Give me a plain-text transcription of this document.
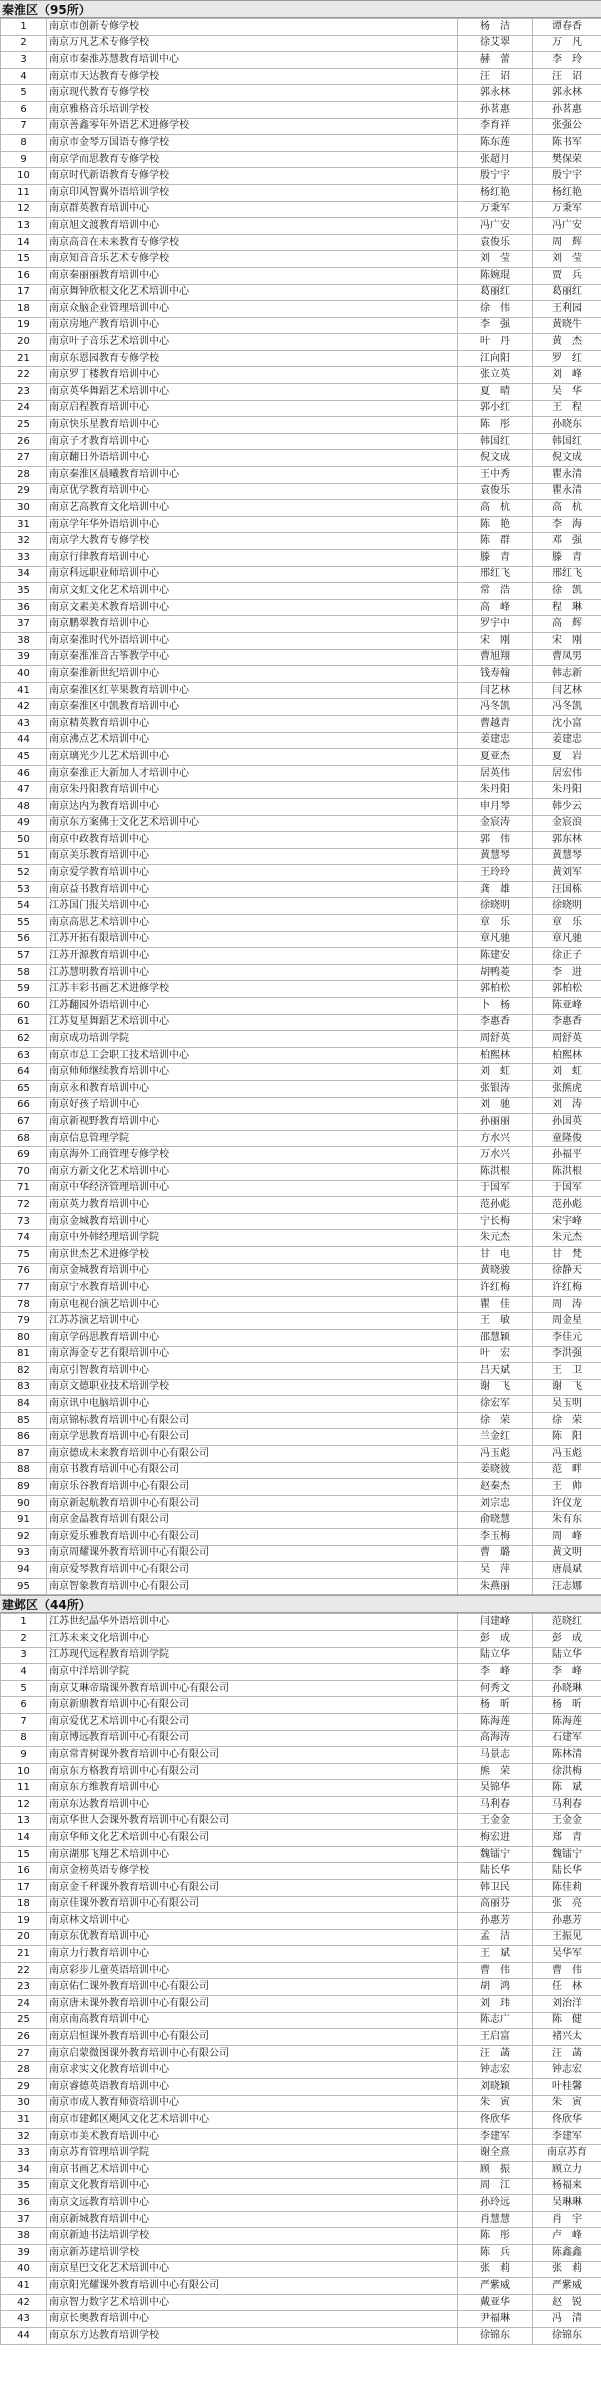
秦淮区（95所）
1	南京市创新专修学校	杨　洁	谭春香
2	南京万凡艺术专修学校	徐艾翠	万　凡
3	南京市秦淮苏慧教育培训中心	赫　蕾	李　玲
4	南京市天达教育专修学校	汪　诏	汪　诏
5	南京现代教育专修学校	郭永林	郭永林
6	南京雅格音乐培训学校	孙茗惠	孙茗惠
7	南京善鑫零年外语艺术进修学校	李育祥	张强公
8	南京市金琴万国语专修学校	陈东莲	陈书军
9	南京学而思教育专修学校	张超月	樊保荣
10	南京时代新语教育专修学校	殷宁宇	殷宁宇
11	南京印风智翼外语培训学校	杨红艳	杨红艳
12	南京群英教育培训中心	万秉军	万秉军
13	南京旭文渡教育培训中心	冯广安	冯广安
14	南京高音在未来教育专修学校	袁俊乐	周　辉
15	南京知音音乐艺术专修学校	刘　莹	刘　莹
16	南京秦丽丽教育培训中心	陈婉琨	贾　兵
17	南京舞钟欣根文化艺术培训中心	葛丽红	葛丽红
18	南京众脑企业管理培训中心	徐　伟	王利园
19	南京房地产教育培训中心	李　强	黄晓牛
20	南京叶子音乐艺术培训中心	叶　丹	黄　杰
21	南京东恩园教育专修学校	江向阳	罗　红
22	南京罗丁楼教育培训中心	张立英	刘　峰
23	南京英华舞蹈艺术培训中心	夏　晴	吴　华
24	南京启程教育培训中心	郭小红	王　程
25	南京快乐星教育培训中心	陈　彤	孙晓东
26	南京子才教育培训中心	韩国红	韩国红
27	南京翻日外语培训中心	倪文成	倪文成
28	南京秦淮区晨曦教育培训中心	王中秀	瞿永清
29	南京优学教育培训中心	袁俊乐	瞿永清
30	南京艺高教育文化培训中心	高　杭	高　杭
31	南京学年华外语培训中心	陈　艳	李　海
32	南京学大教育专修学校	陈　群	邓　强
33	南京行律教育培训中心	滕　青	滕　青
34	南京科远职业师培训中心	邢红飞	邢红飞
35	南京文虹文化艺术培训中心	常　浩	徐　凯
36	南京文素美术教育培训中心	高　峰	程　琳
37	南京鹏翠教育培训中心	罗宇中	高　辉
38	南京秦淮时代外语培训中心	宋　刚	宋　刚
39	南京秦淮准音古筝教学中心	曹旭翔	曹凤男
40	南京秦淮新世纪培训中心	钱寿翰	韩志新
41	南京秦淮区红苹果教育培训中心	闫艺林	闫艺林
42	南京秦淮区中凯教育培训中心	冯冬凯	冯冬凯
43	南京精英教育培训中心	曹越青	沈小富
44	南京沸点艺术培训中心	姜建忠	姜建忠
45	南京璃光少儿艺术培训中心	夏亚杰	夏　岩
46	南京秦淮正大新加人才培训中心	居英伟	居宏伟
47	南京朱丹阳教育培训中心	朱丹阳	朱丹阳
48	南京达内为教育培训中心	申月琴	韩少云
49	南京东方案佛士文化艺术培训中心	金宸涛	金宸浪
50	南京中政教育培训中心	郭　伟	郭东林
51	南京美乐教育培训中心	黄慧琴	黄慧琴
52	南京爱学教育培训中心	王玲玲	黄刘军
53	南京益书教育培训中心	龚　雄	汪国栋
54	江苏国门报关培训中心	徐晓明	徐晓明
55	南京高思艺术培训中心	章　乐	章　乐
56	江苏开拓有限培训中心	章凡驰	章凡驰
57	江苏开源教育培训中心	陈建安	徐正子
58	江苏慧明教育培训中心	胡鸭菱	李　进
59	江苏丰彩书画艺术进修学校	郭柏松	郭柏松
60	江苏翻园外语培训中心	卜　杨	陈亚峰
61	江苏复星舞蹈艺术培训中心	李惠香	李惠香
62	南京成功培训学院	周舒英	周舒英
63	南京市总工会职工技术培训中心	柏熙林	柏熙林
64	南京师师继续教育培训中心	刘　虹	刘　虹
65	南京永和教育培训中心	张银涛	张熊虎
66	南京好孩子培训中心	刘　驰	刘　涛
67	南京新视野教育培训中心	孙丽丽	孙国英
68	南京信息管理学院	方水兴	童隆俊
69	南京海外工商管理专修学校	万水兴	孙福平
70	南京方新文化艺术培训中心	陈洪根	陈洪根
71	南京中华经济管理培训中心	于国军	于国军
72	南京英力教育培训中心	范孙彪	范孙彪
73	南京金城教育培训中心	宁长梅	宋宇峰
74	南京中外韩经理培训学院	朱元杰	朱元杰
75	南京世杰艺术进修学校	甘　电	甘　梵
76	南京金城教育培训中心	黄晓骏	徐静天
77	南京宁水教育培训中心	许红梅	许红梅
78	南京电视台演艺培训中心	瞿　佳	周　涛
79	江苏苏演艺培训中心	王　敏	周金星
80	南京学码思教育培训中心	邵慧颖	李佳元
81	南京海金专艺有限培训中心	叶　宏	李洪强
82	南京引智教育培训中心	吕天斌	王　卫
83	南京文德职业技术培训学校	谢　飞	谢　飞
84	南京讯中电脑培训中心	徐宏军	吴玉明
85	南京锦标教育培训中心有限公司	徐　荣	徐　荣
86	南京学思教育培训中心有限公司	兰金红	陈　阳
87	南京德成未来教育培训中心有限公司	冯玉彪	冯玉彪
88	南京书教育培训中心有限公司	姜晓彼	范　畔
89	南京乐谷教育培训中心有限公司	赵秦杰	王　帅
90	南京新起航教育培训中心有限公司	刘宗忠	许仪龙
91	南京金晶教育培训有限公司	俞晓慧	朱有东
92	南京爱乐雅教育培训中心有限公司	李玉梅	周　峰
93	南京周耀课外教育培训中心有限公司	曹　璐	黄文明
94	南京爱琴教育培训中心有限公司	吴　萍	唐晨斌
95	南京智象教育培训中心有限公司	朱燕丽	汪志娜
建邺区（44所）
1	江苏世纪晶华外语培训中心	闫建峰	范晓红
2	江苏未来文化培训中心	彭　成	彭　成
3	江苏现代远程教育培训学院	陆立华	陆立华
4	南京中洋培训学院	李　峰	李　峰
5	南京艾琳帝瑞课外教育培训中心有限公司	何秀文	孙晓琳
6	南京新鼎教育培训中心有限公司	杨　昕	杨　昕
7	南京爱优艺术培训中心有限公司	陈海莲	陈海莲
8	南京博远教育培训中心有限公司	高海涛	石建军
9	南京常青树课外教育培训中心有限公司	马景志	陈林清
10	南京东方格教育培训中心有限公司	熊　荣	徐洪梅
11	南京东方维教育培训中心	吴锦华	陈　斌
12	南京东达教育培训中心	马利春	马利春
13	南京华世人会课外教育培训中心有限公司	王金金	王金金
14	南京华师文化艺术培训中心有限公司	梅宏进	郑　青
15	南京湖那飞翔艺术培训中心	魏镭宁	魏镭宁
16	南京金榜英语专修学校	陆长华	陆长华
17	南京金千秤课外教育培训中心有限公司	韩卫民	陈佳莉
18	南京佳课外教育培训中心有限公司	高丽芬	张　亮
19	南京林文培训中心	孙惠芳	孙惠芳
20	南京东优教育培训中心	孟　洁	王振见
21	南京力行教育培训中心	王　斌	吴华军
22	南京彩步儿童英语培训中心	曹　伟	曹　伟
23	南京佑仁课外教育培训中心有限公司	胡　鸿	任　林
24	南京唐未课外教育培训中心有限公司	刘　玮	刘治洋
25	南京南高教育培训中心	陈志广	陈　健
26	南京启恒课外教育培训中心有限公司	王启富	褚兴太
27	南京启蒙微图课外教育培训中心有限公司	汪　菡	汪　菡
28	南京求实文化教育培训中心	钟志宏	钟志宏
29	南京睿德英语教育培训中心	刘晓颖	叶桂馨
30	南京市成人教育师资培训中心	朱　寅	朱　寅
31	南京市建邺区飓风文化艺术培训中心	佟欣华	佟欣华
32	南京市美术教育培训中心	李建军	李建军
33	南京苏育管理培训学院	谢全熹	南京苏育
34	南京书画艺术培训中心	顾　振	顾立力
35	南京文化教育培训中心	周　江	杨福来
36	南京文远教育培训中心	孙玲远	吴琳琳
37	南京新城教育培训中心	肖慧慧	肖　宇
38	南京新迪书法培训学校	陈　彤	卢　峰
39	南京新苏建培训学校	陈　兵	陈鑫鑫
40	南京星巴文化艺术培训中心	张　莉	张　莉
41	南京阳光耀课外教育培训中心有限公司	严紫威	严紫威
42	南京智力数字艺术培训中心	戴亚华	赵　锐
43	南京长奥教育培训中心	尹福琳	冯　清
44	南京东方达教育培训学校	徐锦东	徐锦东
